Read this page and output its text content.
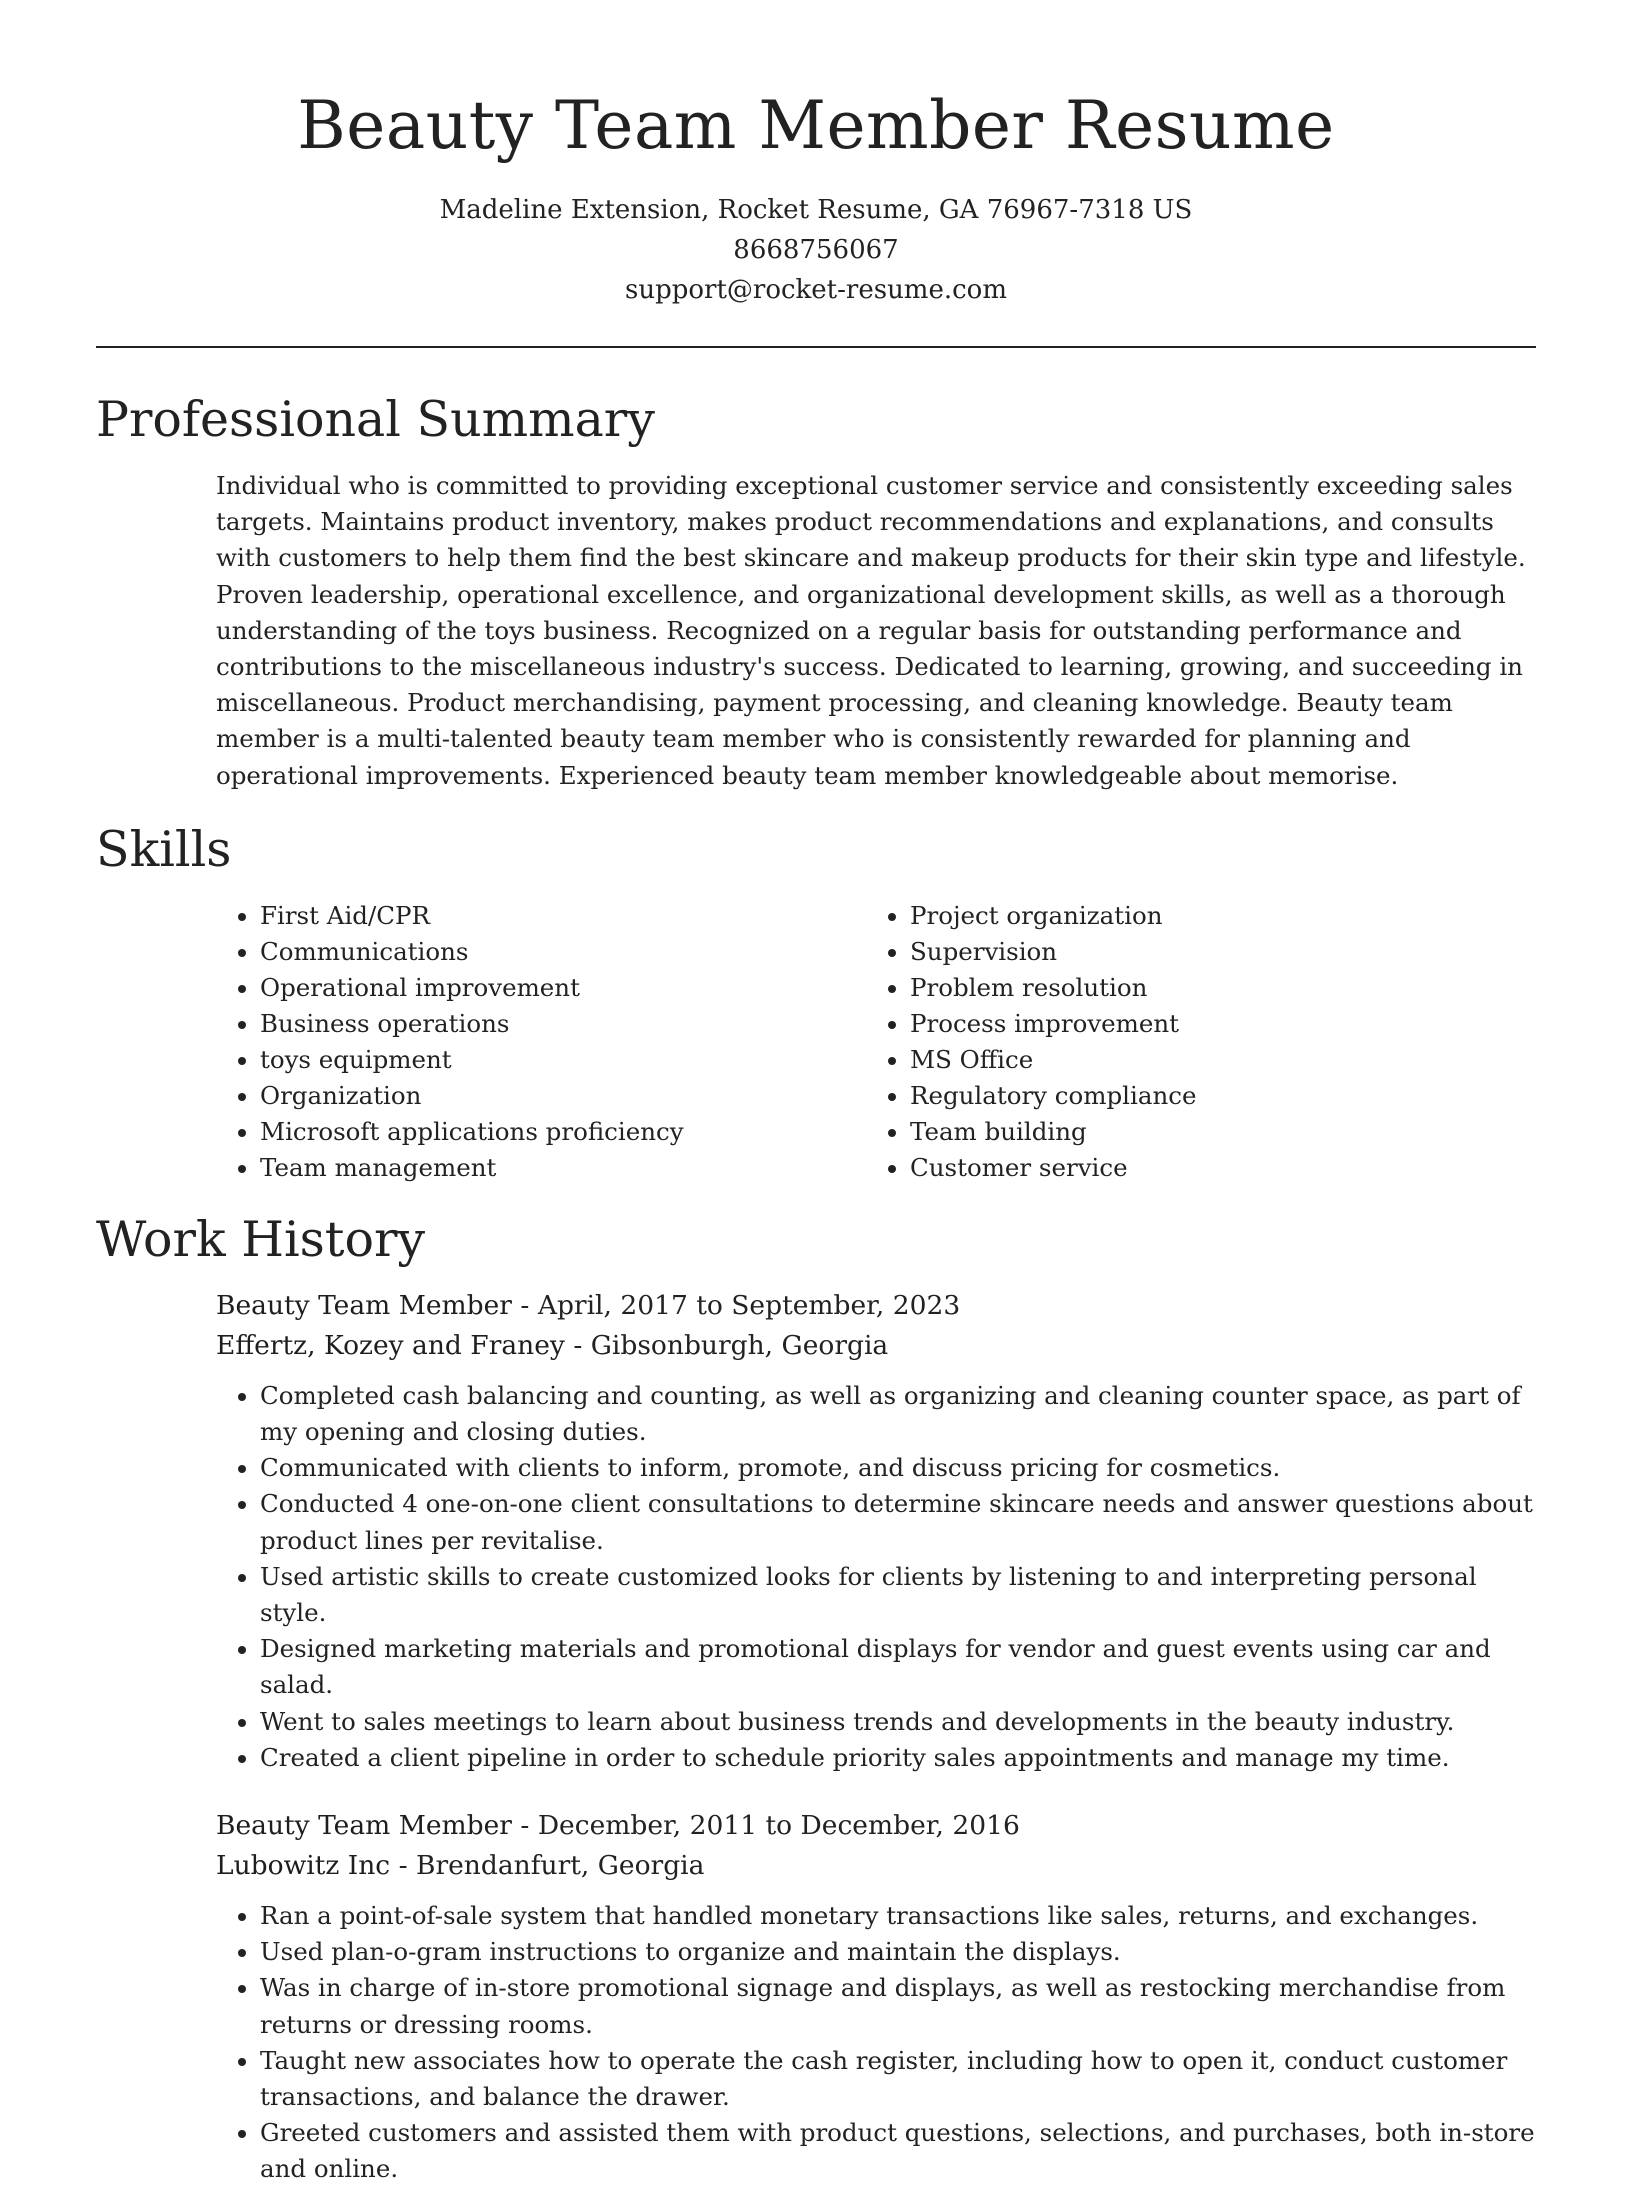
Beauty Team Member Resume
Madeline Extension, Rocket Resume, GA 76967-7318 US
8668756067
support@rocket-resume.com
Professional Summary
Individual who is committed to providing exceptional customer service and consistently exceeding sales targets. Maintains product inventory, makes product recommendations and explanations, and consults with customers to help them find the best skincare and makeup products for their skin type and lifestyle. Proven leadership, operational excellence, and organizational development skills, as well as a thorough understanding of the toys business. Recognized on a regular basis for outstanding performance and contributions to the miscellaneous industry's success. Dedicated to learning, growing, and succeeding in miscellaneous. Product merchandising, payment processing, and cleaning knowledge. Beauty team member is a multi-talented beauty team member who is consistently rewarded for planning and operational improvements. Experienced beauty team member knowledgeable about memorise.
Skills
• First Aid/CPR
• Communications
• Operational improvement
• Business operations
• toys equipment
• Organization
• Microsoft applications proficiency
• Team management
• Project organization
• Supervision
• Problem resolution
• Process improvement
• MS Office
• Regulatory compliance
• Team building
• Customer service
Work History
Beauty Team Member - April, 2017 to September, 2023
Effertz, Kozey and Franey - Gibsonburgh, Georgia
• Completed cash balancing and counting, as well as organizing and cleaning counter space, as part of my opening and closing duties.
• Communicated with clients to inform, promote, and discuss pricing for cosmetics.
• Conducted 4 one-on-one client consultations to determine skincare needs and answer questions about product lines per revitalise.
• Used artistic skills to create customized looks for clients by listening to and interpreting personal style.
• Designed marketing materials and promotional displays for vendor and guest events using car and salad.
• Went to sales meetings to learn about business trends and developments in the beauty industry.
• Created a client pipeline in order to schedule priority sales appointments and manage my time.
Beauty Team Member - December, 2011 to December, 2016
Lubowitz Inc - Brendanfurt, Georgia
• Ran a point-of-sale system that handled monetary transactions like sales, returns, and exchanges.
• Used plan-o-gram instructions to organize and maintain the displays.
• Was in charge of in-store promotional signage and displays, as well as restocking merchandise from returns or dressing rooms.
• Taught new associates how to operate the cash register, including how to open it, conduct customer transactions, and balance the drawer.
• Greeted customers and assisted them with product questions, selections, and purchases, both in-store and online.
